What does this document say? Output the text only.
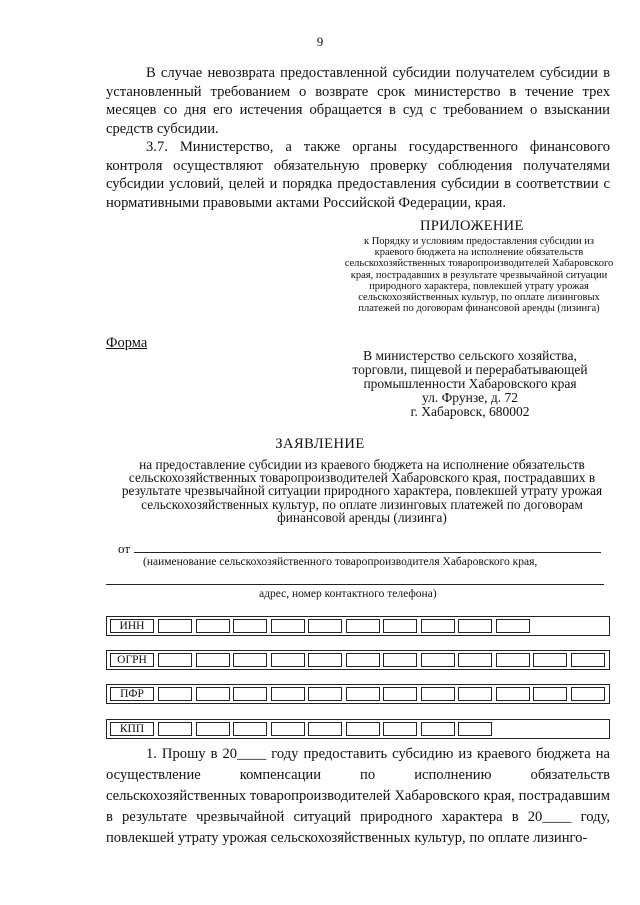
9

В случае невозврата предоставленной субсидии получателем субсидии в установленный требованием о возврате срок министерство в течение трех месяцев со дня его истечения обращается в суд с требованием о взыскании средств субсидии.

3.7. Министерство, а также органы государственного финансового контроля осуществляют обязательную проверку соблюдения получателями субсидии условий, целей и порядка предоставления субсидии в соответствии с нормативными правовыми актами Российской Федерации, края.

ПРИЛОЖЕНИЕ
к Порядку и условиям предоставления субсидии из краевого бюджета на исполнение обязательств сельскохозяйственных товаропроизводителей Хабаровского края, пострадавших в результате чрезвычайной ситуации природного характера, повлекшей утрату урожая сельскохозяйственных культур, по оплате лизинговых платежей по договорам финансовой аренды (лизинга)
Форма
В министерство сельского хозяйства,
торговли, пищевой и перерабатывающей
промышленности Хабаровского края
ул. Фрунзе, д. 72
г. Хабаровск, 680002
ЗАЯВЛЕНИЕ
на предоставление субсидии из краевого бюджета на исполнение обязательств сельскохозяйственных товаропроизводителей Хабаровского края, пострадавших в результате чрезвычайной ситуации природного характера, повлекшей утрату урожая сельскохозяйственных культур, по оплате лизинговых платежей по договорам финансовой аренды (лизинга)
от
(наименование сельскохозяйственного товаропроизводителя Хабаровского края,
адрес, номер контактного телефона)
ИНН
ОГРН
ПФР
КПП

1. Прошу в 20____ году предоставить субсидию из краевого бюджета на осуществление компенсации по исполнению обязательств сельскохозяйственных товаропроизводителей Хабаровского края, пострадавшим в результате чрезвычайной ситуаций природного характера в 20____ году, повлекшей утрату урожая сельскохозяйственных культур, по оплате лизинго-
